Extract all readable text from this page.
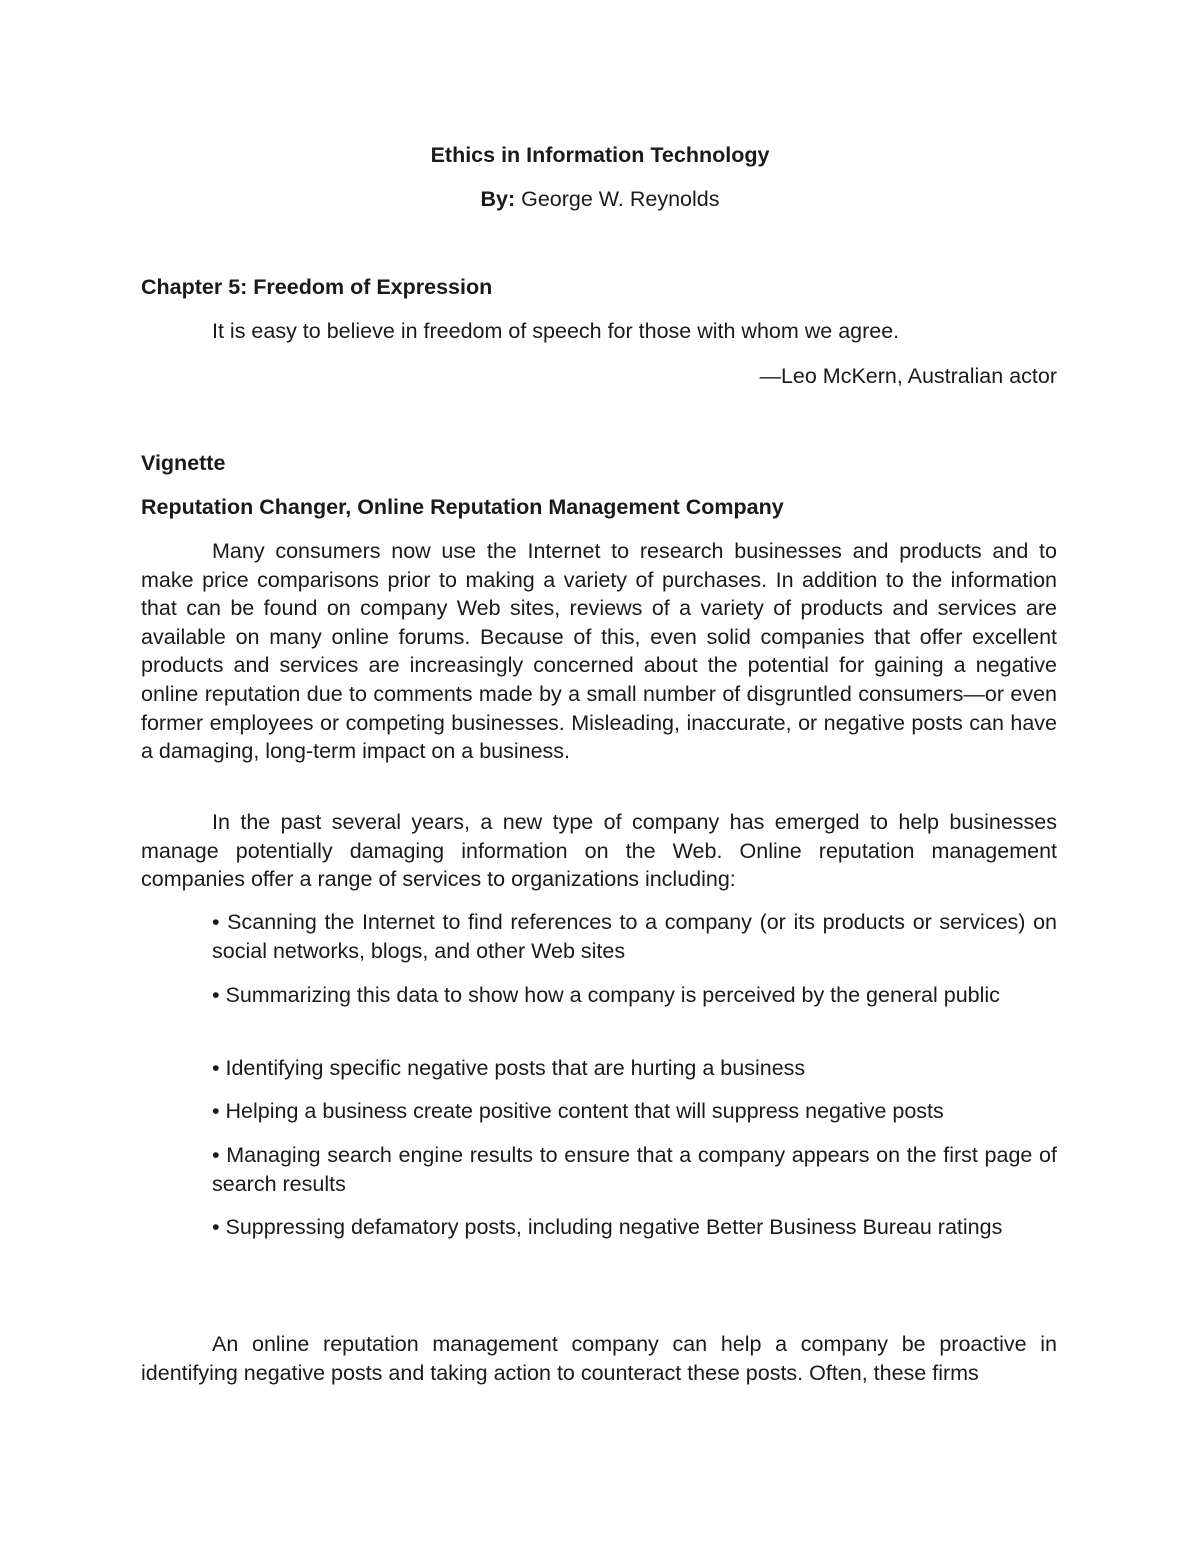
Ethics in Information Technology
By: George W. Reynolds
Chapter 5: Freedom of Expression
It is easy to believe in freedom of speech for those with whom we agree.
—Leo McKern, Australian actor
Vignette
Reputation Changer, Online Reputation Management Company
Many consumers now use the Internet to research businesses and products and to make price comparisons prior to making a variety of purchases. In addition to the information that can be found on company Web sites, reviews of a variety of products and services are available on many online forums. Because of this, even solid companies that offer excellent products and services are increasingly concerned about the potential for gaining a negative online reputation due to comments made by a small number of disgruntled consumers—or even former employees or competing businesses. Misleading, inaccurate, or negative posts can have a damaging, long-term impact on a business.
In the past several years, a new type of company has emerged to help businesses manage potentially damaging information on the Web. Online reputation management companies offer a range of services to organizations including:
• Scanning the Internet to find references to a company (or its products or services) on social networks, blogs, and other Web sites
• Summarizing this data to show how a company is perceived by the general public
• Identifying specific negative posts that are hurting a business
• Helping a business create positive content that will suppress negative posts
• Managing search engine results to ensure that a company appears on the first page of search results
• Suppressing defamatory posts, including negative Better Business Bureau ratings
An online reputation management company can help a company be proactive in identifying negative posts and taking action to counteract these posts. Often, these firms
